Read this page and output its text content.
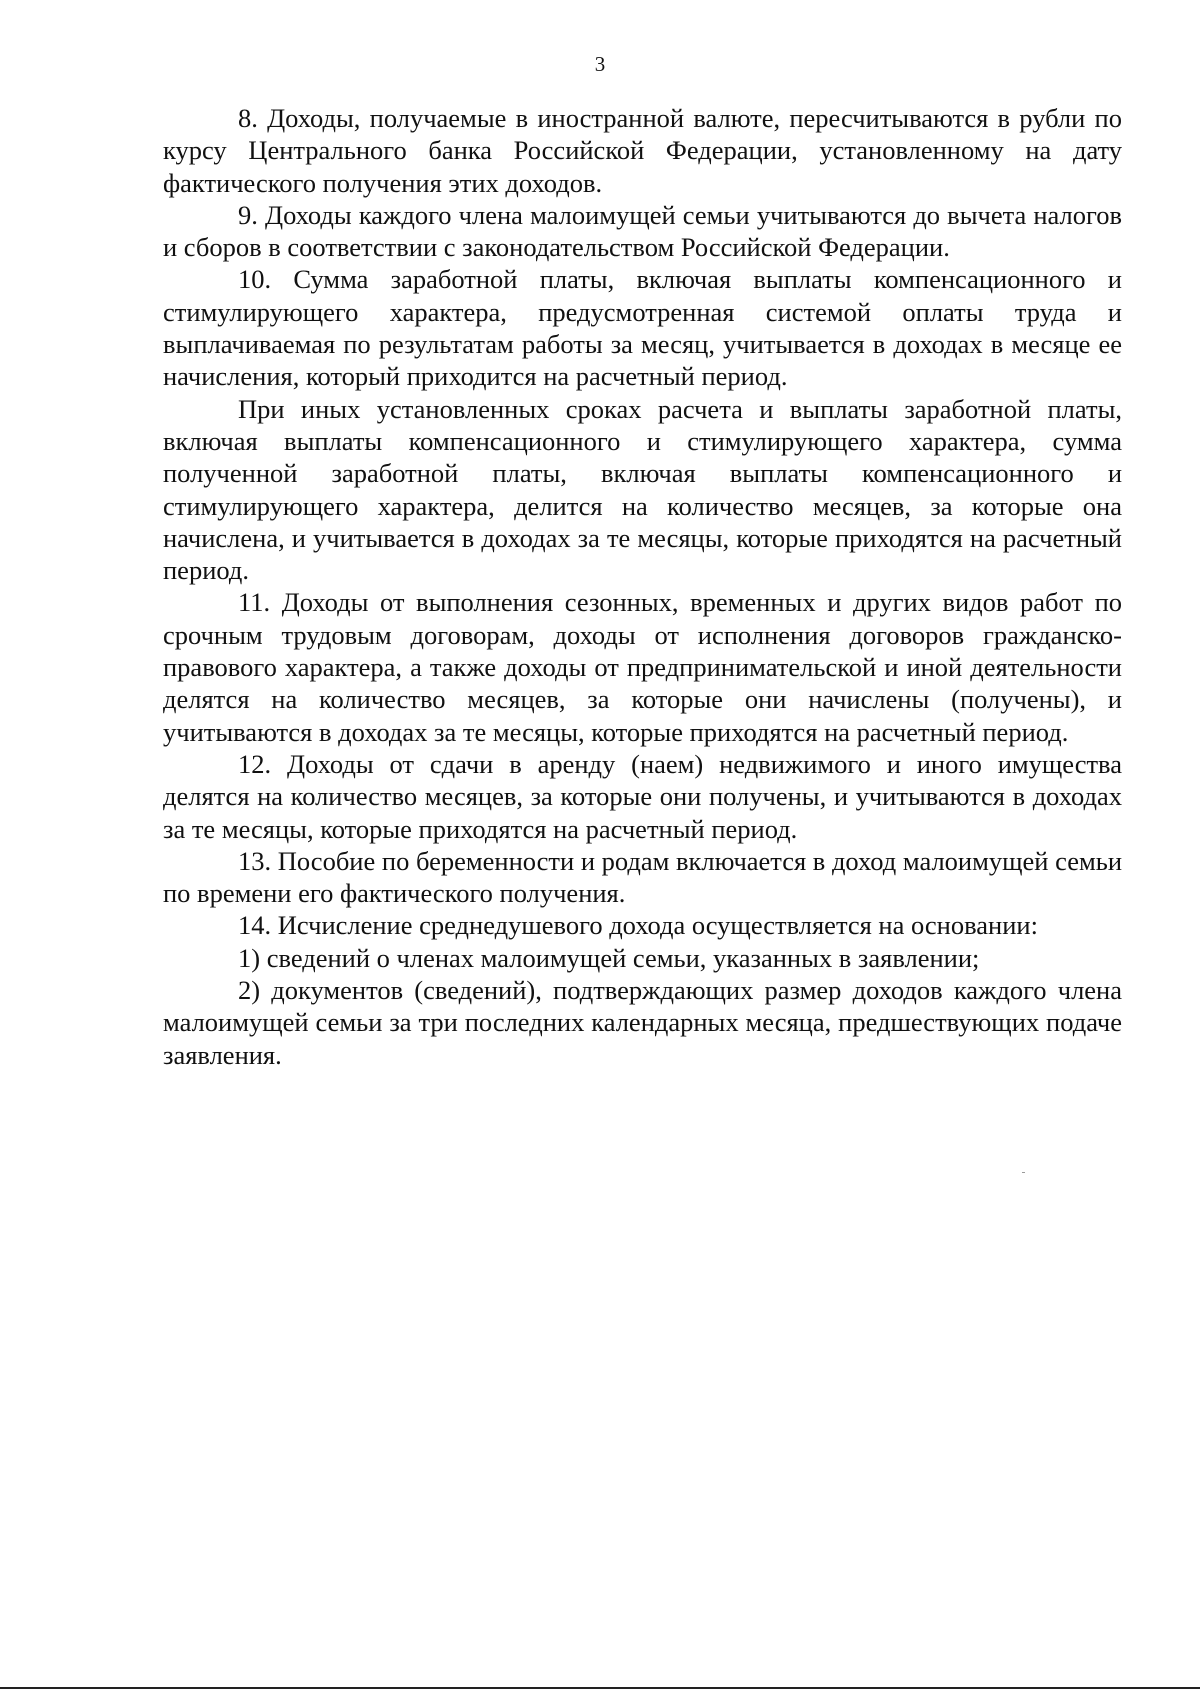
3

8. Доходы, получаемые в иностранной валюте, пересчитываются в рубли по курсу Центрального банка Российской Федерации, установленному на дату фактического получения этих доходов.

9. Доходы каждого члена малоимущей семьи учитываются до вычета налогов и сборов в соответствии с законодательством Российской Федерации.

10. Сумма заработной платы, включая выплаты компенсационного и стимулирующего характера, предусмотренная системой оплаты труда и выплачиваемая по результатам работы за месяц, учитывается в доходах в месяце ее начисления, который приходится на расчетный период.

При иных установленных сроках расчета и выплаты заработной платы, включая выплаты компенсационного и стимулирующего характера, сумма полученной заработной платы, включая выплаты компенсационного и стимулирующего характера, делится на количество месяцев, за которые она начислена, и учитывается в доходах за те месяцы, которые приходятся на расчетный период.

11. Доходы от выполнения сезонных, временных и других видов работ по срочным трудовым договорам, доходы от исполнения договоров гражданско-правового характера, а также доходы от предпринимательской и иной деятельности делятся на количество месяцев, за которые они начислены (получены), и учитываются в доходах за те месяцы, которые приходятся на расчетный период.

12. Доходы от сдачи в аренду (наем) недвижимого и иного имущества делятся на количество месяцев, за которые они получены, и учитываются в доходах за те месяцы, которые приходятся на расчетный период.

13. Пособие по беременности и родам включается в доход малоимущей семьи по времени его фактического получения.

14. Исчисление среднедушевого дохода осуществляется на основании:

1) сведений о членах малоимущей семьи, указанных в заявлении;

2) документов (сведений), подтверждающих размер доходов каждого члена малоимущей семьи за три последних календарных месяца, предшествующих подаче заявления.
